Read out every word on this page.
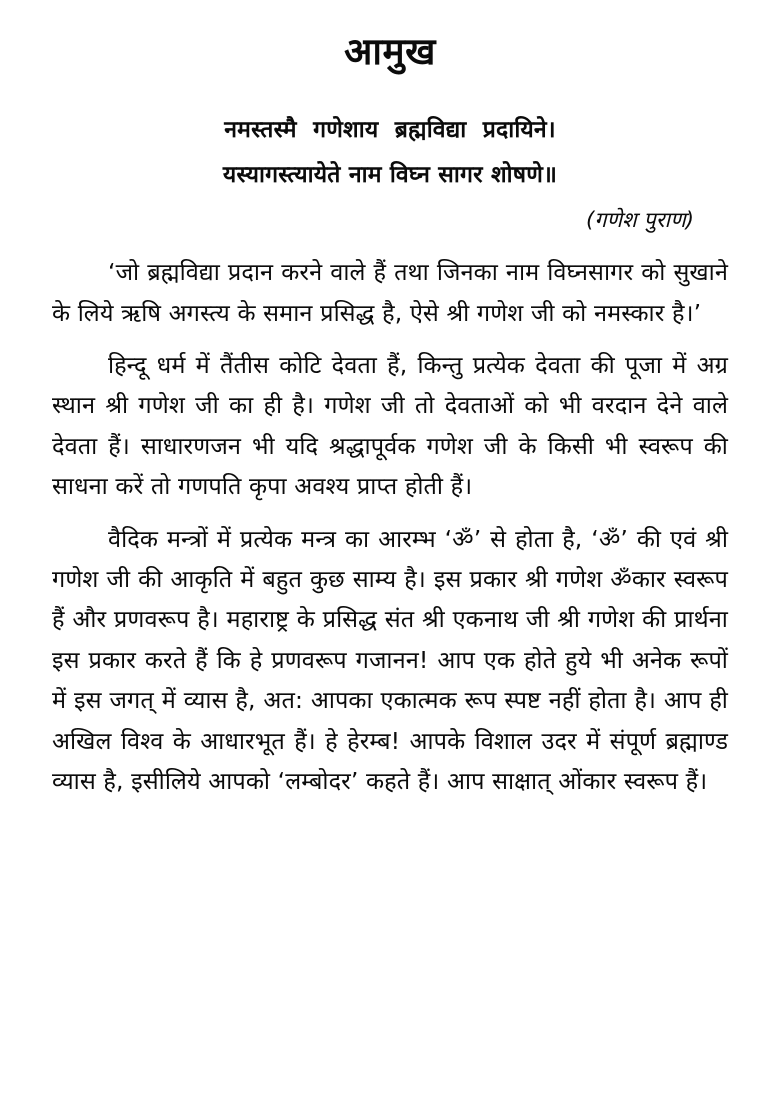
आमुख
नमस्तस्मै  गणेशाय  ब्रह्मविद्या  प्रदायिने।
यस्यागस्त्यायेते नाम विघ्न सागर शोषणे॥
(गणेश पुराण)

‘जो ब्रह्मविद्या प्रदान करने वाले हैं तथा जिनका नाम विघ्नसागर को सुखाने के लिये ऋषि अगस्त्य के समान प्रसिद्ध है, ऐसे श्री गणेश जी को नमस्कार है।’

हिन्दू धर्म में तैंतीस कोटि देवता हैं, किन्तु प्रत्येक देवता की पूजा में अग्र स्थान श्री गणेश जी का ही है। गणेश जी तो देवताओं को भी वरदान देने वाले देवता हैं। साधारणजन भी यदि श्रद्धापूर्वक गणेश जी के किसी भी स्वरूप की साधना करें तो गणपति कृपा अवश्य प्राप्त होती हैं।

वैदिक मन्त्रों में प्रत्येक मन्त्र का आरम्भ ‘ॐ’ से होता है, ‘ॐ’ की एवं श्री गणेश जी की आकृति में बहुत कुछ साम्य है। इस प्रकार श्री गणेश ॐकार स्वरूप हैं और प्रणवरूप है। महाराष्ट्र के प्रसिद्ध संत श्री एकनाथ जी श्री गणेश की प्रार्थना इस प्रकार करते हैं कि हे प्रणवरूप गजानन! आप एक होते हुये भी अनेक रूपों में इस जगत् में व्यास है, अत: आपका एकात्मक रूप स्पष्ट नहीं होता है। आप ही अखिल विश्व के आधारभूत हैं। हे हेरम्ब! आपके विशाल उदर में संपूर्ण ब्रह्माण्ड व्यास है, इसीलिये आपको ‘लम्बोदर’ कहते हैं। आप साक्षात् ओंकार स्वरूप हैं।
